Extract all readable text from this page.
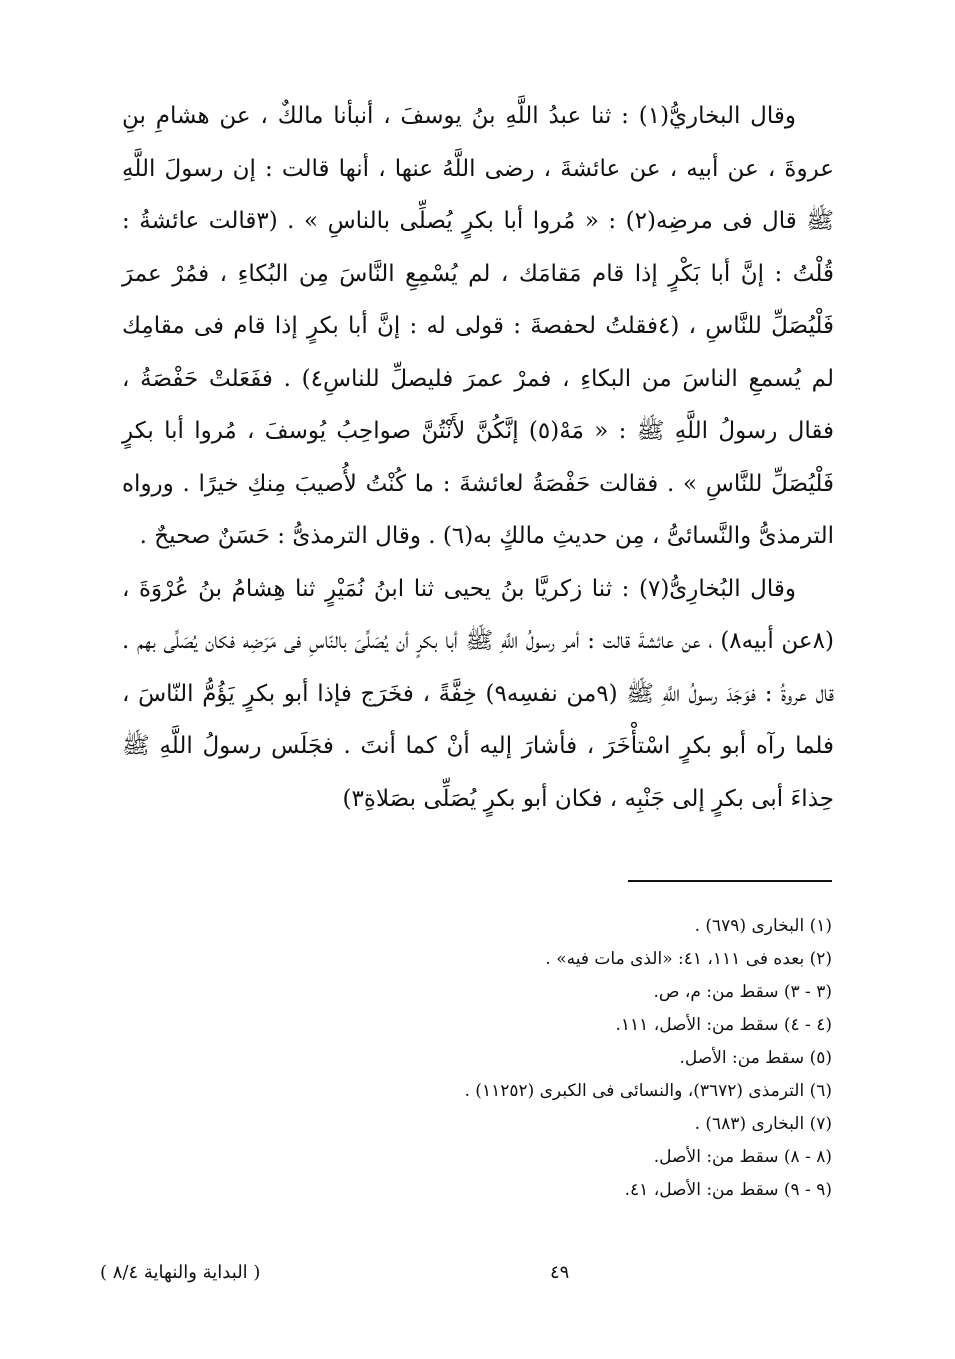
وقال البخاريُّ(١) : ثنا عبدُ اللَّهِ بنُ يوسفَ ، أنبأنا مالكٌ ، عن هشامِ بنِ عروةَ ، عن أبيه ، عن عائشةَ ، رضى اللَّهُ عنها ، أنها قالت : إن رسولَ اللَّهِ ﷺ قال فى مرضِه(٢) : « مُروا أبا بكرٍ يُصلِّى بالناسِ » . (٣قالت عائشةُ : قُلْتُ : إنَّ أبا بَكْرٍ إذا قام مَقامَك ، لم يُسْمِعِ النَّاسَ مِن البُكاءِ ، فمُرْ عمرَ فَلْيُصَلِّ للنَّاسِ ، (٤فقلتُ لحفصةَ : قولى له : إنَّ أبا بكرٍ إذا قام فى مقامِك لم يُسمعِ الناسَ من البكاءِ ، فمرْ عمرَ فليصلِّ للناسِ٤) . ففَعَلتْ حَفْصَةُ ، فقال رسولُ اللَّهِ ﷺ : « مَهْ(٥) إنَّكُنَّ لأَنْتُنَّ صواحِبُ يُوسفَ ، مُروا أبا بكرٍ فَلْيُصَلِّ للنَّاسِ » . فقالت حَفْصَةُ لعائشةَ : ما كُنْتُ لأُصيبَ مِنكِ خيرًا . ورواه الترمذىُّ والنَّسائىُّ ، مِن حديثِ مالكٍ به(٦) . وقال الترمذىُّ : حَسَنٌ صحيحٌ .

وقال البُخارِىُّ(٧) : ثنا زكريَّا بنُ يحيى ثنا ابنُ نُمَيْرٍ ثنا هِشامُ بنُ عُرْوَةَ ، (٨عن أبيه٨) ، عن عائشةَ قالت : أمر رسولُ اللَّهِ ﷺ أبا بكرٍ أن يُصَلِّىَ بالنّاسِ فى مَرَضِه فكان يُصَلِّى بهم . قال عروةُ : فوَجَدَ رسولُ اللَّهِ ﷺ (٩من نفسِه٩) خِفَّةً ، فخَرَج فإذا أبو بكرٍ يَؤُمُّ النّاسَ ، فلما رآه أبو بكرٍ اسْتأْخَرَ ، فأشارَ إليه أنْ كما أنتَ . فجَلَس رسولُ اللَّهِ ﷺ حِذاءَ أبى بكرٍ إلى جَنْبِه ، فكان أبو بكرٍ يُصَلِّى بصَلاةِ٣)

(١) البخارى (٦٧٩) .
(٢) بعده فى ١١١، ٤١: «الذى مات فيه» .
(٣ - ٣) سقط من: م، ص.
(٤ - ٤) سقط من: الأصل، ١١١.
(٥) سقط من: الأصل.
(٦) الترمذى (٣٦٧٢)، والنسائى فى الكبرى (١١٢٥٢) .
(٧) البخارى (٦٨٣) .
(٨ - ٨) سقط من: الأصل.
(٩ - ٩) سقط من: الأصل، ٤١.
( البداية والنهاية ٨/٤ )	٤٩
